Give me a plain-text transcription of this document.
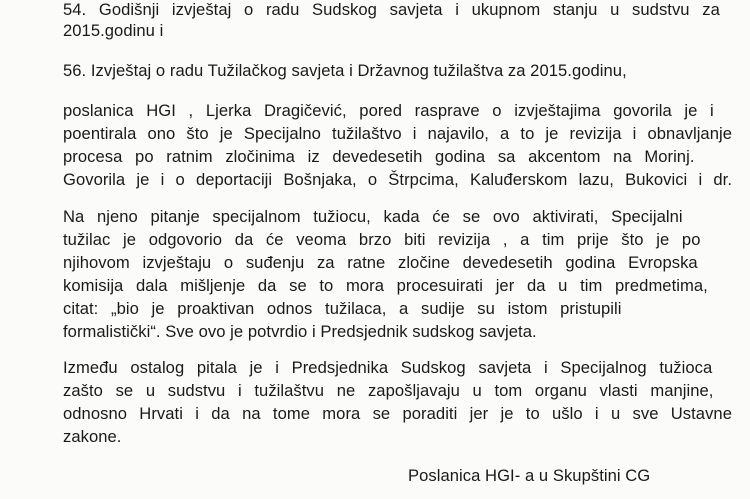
54. Godišnji izvještaj o radu Sudskog savjeta i ukupnom stanju u sudstvu za
2015.godinu i
56. Izvještaj o radu Tužilačkog savjeta i Državnog tužilaštva za 2015.godinu,
poslanica HGI , Ljerka Dragičević, pored rasprave o izvještajima govorila je i
poentirala ono što je Specijalno tužilaštvo i najavilo, a to je revizija i obnavljanje
procesa po ratnim zločinima iz devedesetih godina sa akcentom na Morinj.
Govorila je i o deportaciji Bošnjaka, o Štrpcima, Kaluđerskom lazu, Bukovici i dr.
Na njeno pitanje specijalnom tužiocu, kada će se ovo aktivirati, Specijalni
tužilac je odgovorio da će veoma brzo biti revizija , a tim prije što je po
njihovom izvještaju o suđenju za ratne zločine devedesetih godina Evropska
komisija dala mišljenje da se to mora procesuirati jer da u tim predmetima,
citat: „bio je proaktivan odnos tužilaca, a sudije su istom pristupili
formalistički“. Sve ovo je potvrdio i Predsjednik sudskog savjeta.
Između ostalog pitala je i Predsjednika Sudskog savjeta i Specijalnog tužioca
zašto se u sudstvu i tužilaštvu ne zapošljavaju u tom organu vlasti manjine,
odnosno Hrvati i da na tome mora se poraditi jer je to ušlo i u sve Ustavne
zakone.
Poslanica HGI- a u Skupštini CG
